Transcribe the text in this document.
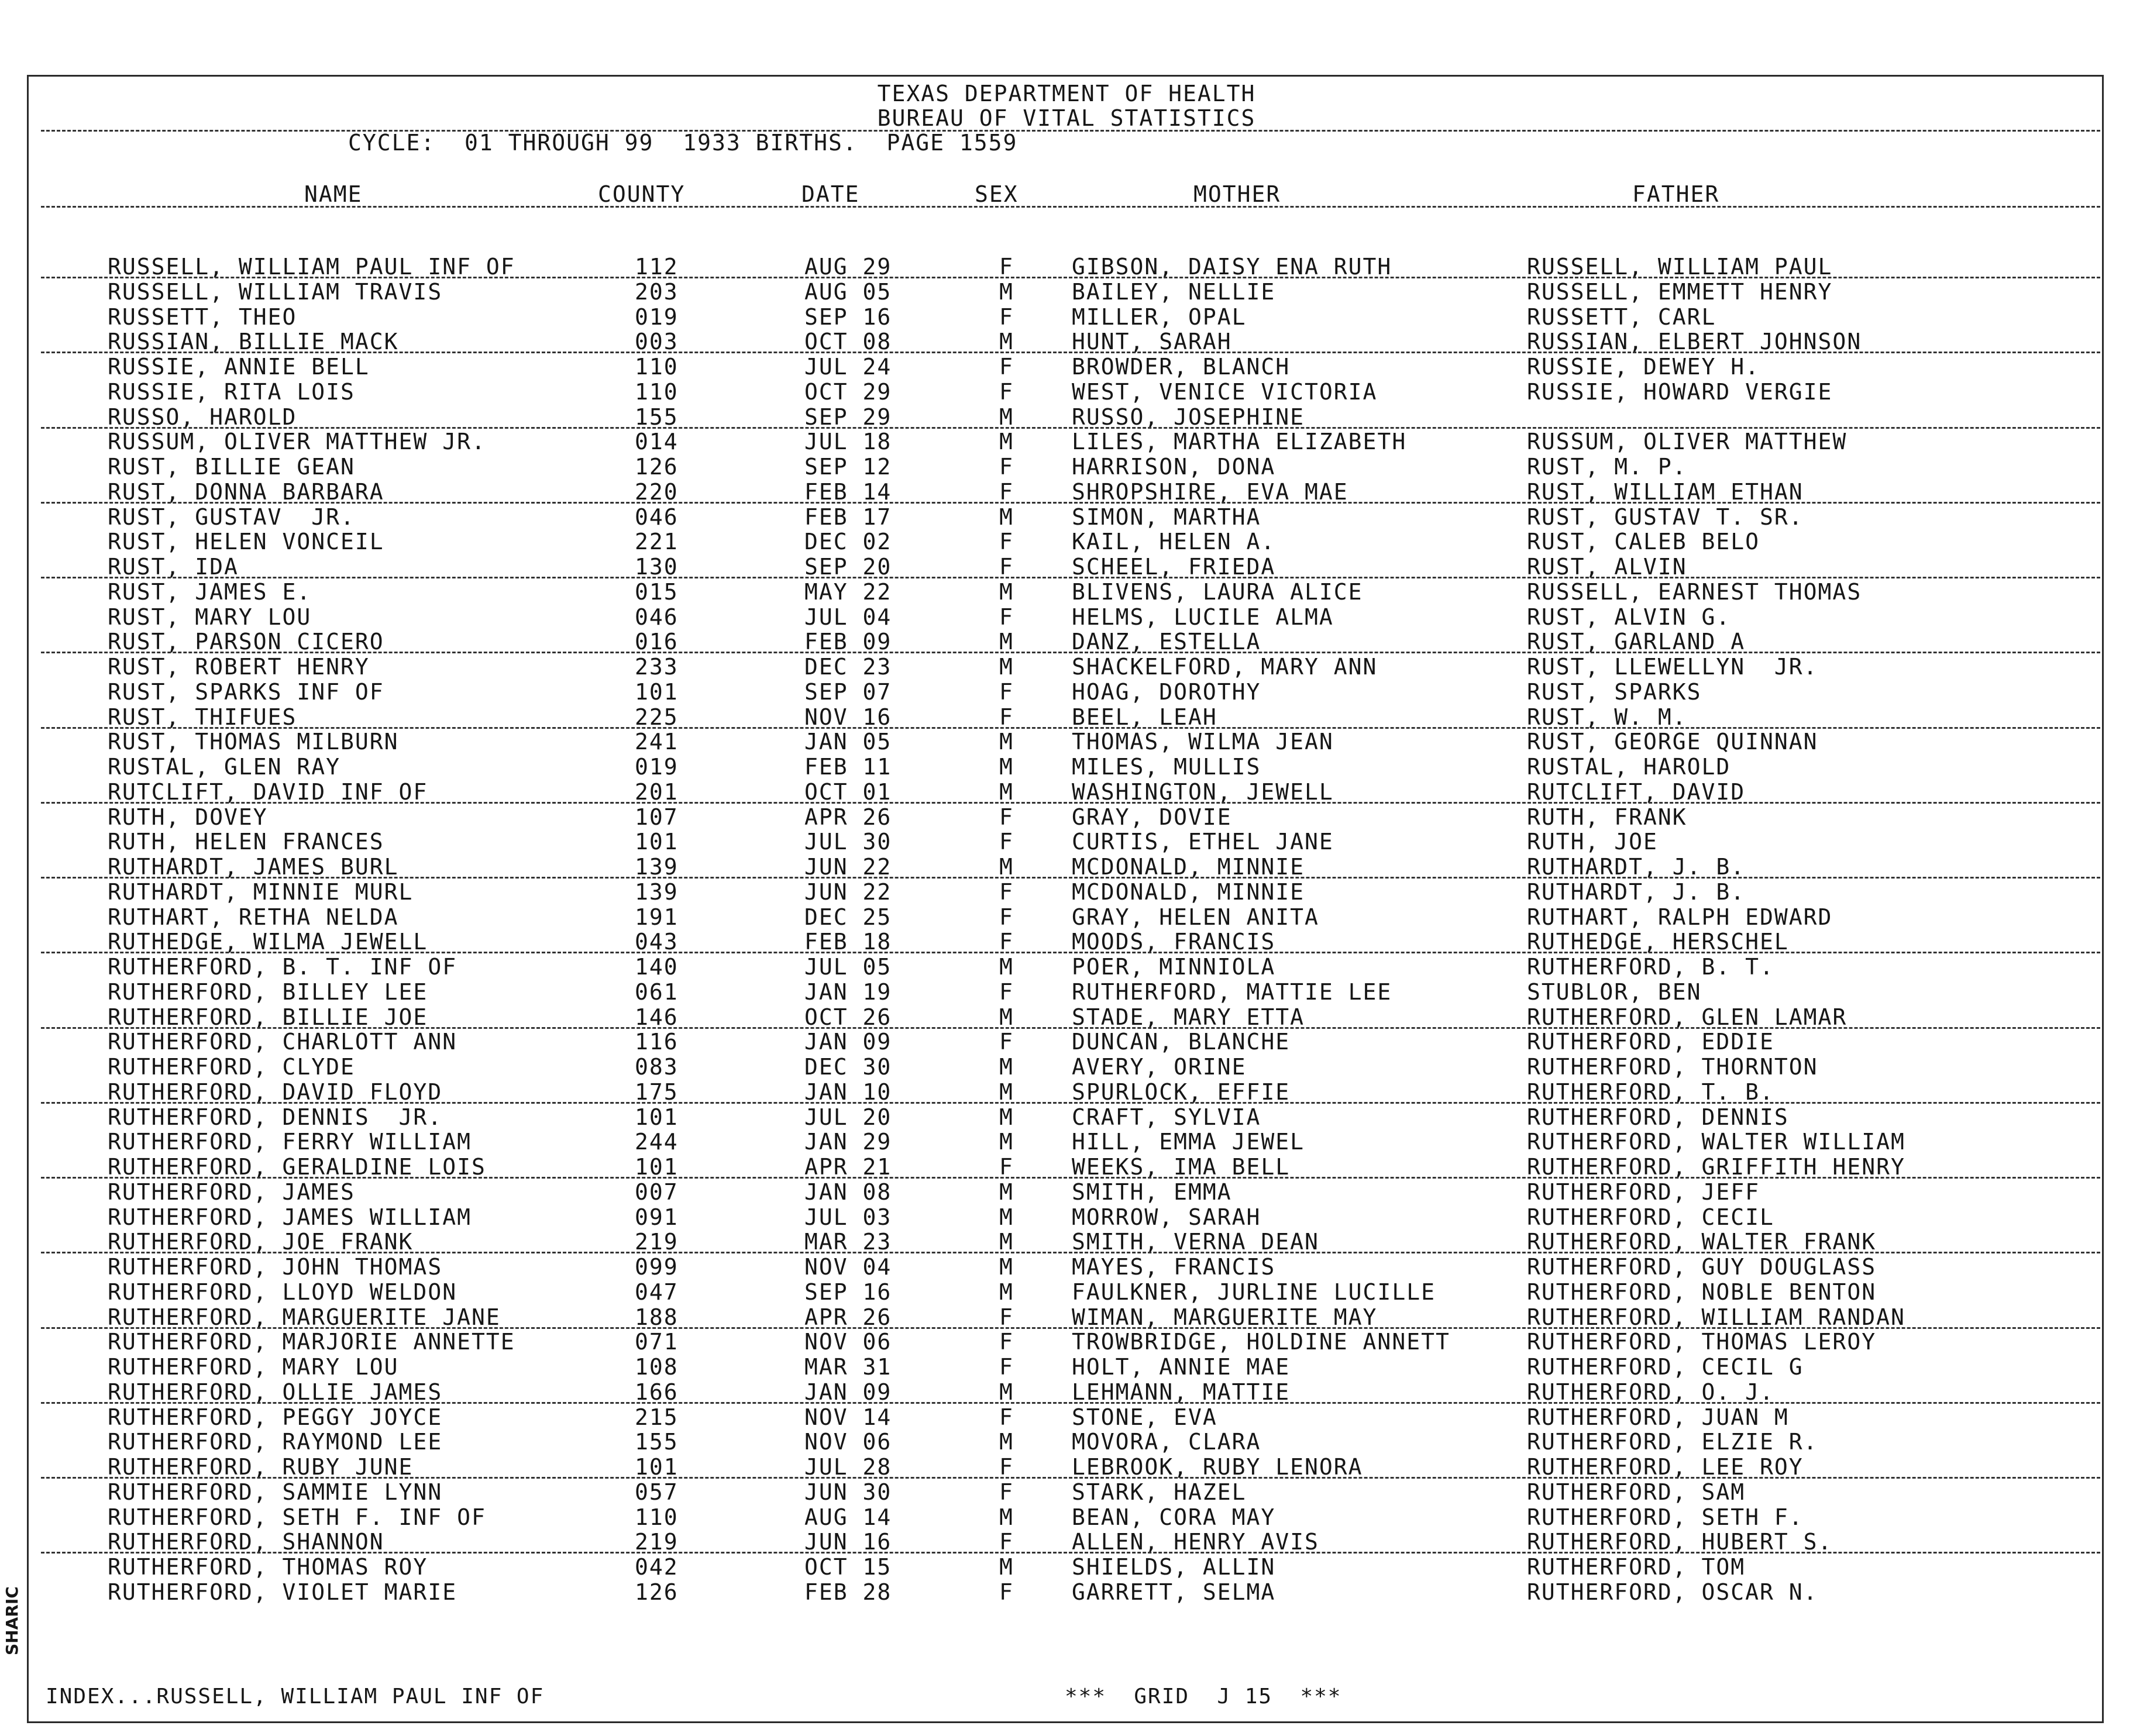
TEXAS DEPARTMENT OF HEALTH
BUREAU OF VITAL STATISTICS
CYCLE:  01 THROUGH 99  1933 BIRTHS.  PAGE 1559
NAME	COUNTY	DATE	SEX	MOTHER	FATHER
RUSSELL, WILLIAM PAUL INF OF	112	AUG 29	F	GIBSON, DAISY ENA RUTH	RUSSELL, WILLIAM PAUL
RUSSELL, WILLIAM TRAVIS	203	AUG 05	M	BAILEY, NELLIE	RUSSELL, EMMETT HENRY
RUSSETT, THEO	019	SEP 16	F	MILLER, OPAL	RUSSETT, CARL
RUSSIAN, BILLIE MACK	003	OCT 08	M	HUNT, SARAH	RUSSIAN, ELBERT JOHNSON
RUSSIE, ANNIE BELL	110	JUL 24	F	BROWDER, BLANCH	RUSSIE, DEWEY H.
RUSSIE, RITA LOIS	110	OCT 29	F	WEST, VENICE VICTORIA	RUSSIE, HOWARD VERGIE
RUSSO, HAROLD	155	SEP 29	M	RUSSO, JOSEPHINE
RUSSUM, OLIVER MATTHEW JR.	014	JUL 18	M	LILES, MARTHA ELIZABETH	RUSSUM, OLIVER MATTHEW
RUST, BILLIE GEAN	126	SEP 12	F	HARRISON, DONA	RUST, M. P.
RUST, DONNA BARBARA	220	FEB 14	F	SHROPSHIRE, EVA MAE	RUST, WILLIAM ETHAN
RUST, GUSTAV  JR.	046	FEB 17	M	SIMON, MARTHA	RUST, GUSTAV T. SR.
RUST, HELEN VONCEIL	221	DEC 02	F	KAIL, HELEN A.	RUST, CALEB BELO
RUST, IDA	130	SEP 20	F	SCHEEL, FRIEDA	RUST, ALVIN
RUST, JAMES E.	015	MAY 22	M	BLIVENS, LAURA ALICE	RUSSELL, EARNEST THOMAS
RUST, MARY LOU	046	JUL 04	F	HELMS, LUCILE ALMA	RUST, ALVIN G.
RUST, PARSON CICERO	016	FEB 09	M	DANZ, ESTELLA	RUST, GARLAND A
RUST, ROBERT HENRY	233	DEC 23	M	SHACKELFORD, MARY ANN	RUST, LLEWELLYN  JR.
RUST, SPARKS INF OF	101	SEP 07	F	HOAG, DOROTHY	RUST, SPARKS
RUST, THIFUES	225	NOV 16	F	BEEL, LEAH	RUST, W. M.
RUST, THOMAS MILBURN	241	JAN 05	M	THOMAS, WILMA JEAN	RUST, GEORGE QUINNAN
RUSTAL, GLEN RAY	019	FEB 11	M	MILES, MULLIS	RUSTAL, HAROLD
RUTCLIFT, DAVID INF OF	201	OCT 01	M	WASHINGTON, JEWELL	RUTCLIFT, DAVID
RUTH, DOVEY	107	APR 26	F	GRAY, DOVIE	RUTH, FRANK
RUTH, HELEN FRANCES	101	JUL 30	F	CURTIS, ETHEL JANE	RUTH, JOE
RUTHARDT, JAMES BURL	139	JUN 22	M	MCDONALD, MINNIE	RUTHARDT, J. B.
RUTHARDT, MINNIE MURL	139	JUN 22	F	MCDONALD, MINNIE	RUTHARDT, J. B.
RUTHART, RETHA NELDA	191	DEC 25	F	GRAY, HELEN ANITA	RUTHART, RALPH EDWARD
RUTHEDGE, WILMA JEWELL	043	FEB 18	F	MOODS, FRANCIS	RUTHEDGE, HERSCHEL
RUTHERFORD, B. T. INF OF	140	JUL 05	M	POER, MINNIOLA	RUTHERFORD, B. T.
RUTHERFORD, BILLEY LEE	061	JAN 19	F	RUTHERFORD, MATTIE LEE	STUBLOR, BEN
RUTHERFORD, BILLIE JOE	146	OCT 26	M	STADE, MARY ETTA	RUTHERFORD, GLEN LAMAR
RUTHERFORD, CHARLOTT ANN	116	JAN 09	F	DUNCAN, BLANCHE	RUTHERFORD, EDDIE
RUTHERFORD, CLYDE	083	DEC 30	M	AVERY, ORINE	RUTHERFORD, THORNTON
RUTHERFORD, DAVID FLOYD	175	JAN 10	M	SPURLOCK, EFFIE	RUTHERFORD, T. B.
RUTHERFORD, DENNIS  JR.	101	JUL 20	M	CRAFT, SYLVIA	RUTHERFORD, DENNIS
RUTHERFORD, FERRY WILLIAM	244	JAN 29	M	HILL, EMMA JEWEL	RUTHERFORD, WALTER WILLIAM
RUTHERFORD, GERALDINE LOIS	101	APR 21	F	WEEKS, IMA BELL	RUTHERFORD, GRIFFITH HENRY
RUTHERFORD, JAMES	007	JAN 08	M	SMITH, EMMA	RUTHERFORD, JEFF
RUTHERFORD, JAMES WILLIAM	091	JUL 03	M	MORROW, SARAH	RUTHERFORD, CECIL
RUTHERFORD, JOE FRANK	219	MAR 23	M	SMITH, VERNA DEAN	RUTHERFORD, WALTER FRANK
RUTHERFORD, JOHN THOMAS	099	NOV 04	M	MAYES, FRANCIS	RUTHERFORD, GUY DOUGLASS
RUTHERFORD, LLOYD WELDON	047	SEP 16	M	FAULKNER, JURLINE LUCILLE	RUTHERFORD, NOBLE BENTON
RUTHERFORD, MARGUERITE JANE	188	APR 26	F	WIMAN, MARGUERITE MAY	RUTHERFORD, WILLIAM RANDAN
RUTHERFORD, MARJORIE ANNETTE	071	NOV 06	F	TROWBRIDGE, HOLDINE ANNETT	RUTHERFORD, THOMAS LEROY
RUTHERFORD, MARY LOU	108	MAR 31	F	HOLT, ANNIE MAE	RUTHERFORD, CECIL G
RUTHERFORD, OLLIE JAMES	166	JAN 09	M	LEHMANN, MATTIE	RUTHERFORD, O. J.
RUTHERFORD, PEGGY JOYCE	215	NOV 14	F	STONE, EVA	RUTHERFORD, JUAN M
RUTHERFORD, RAYMOND LEE	155	NOV 06	M	MOVORA, CLARA	RUTHERFORD, ELZIE R.
RUTHERFORD, RUBY JUNE	101	JUL 28	F	LEBROOK, RUBY LENORA	RUTHERFORD, LEE ROY
RUTHERFORD, SAMMIE LYNN	057	JUN 30	F	STARK, HAZEL	RUTHERFORD, SAM
RUTHERFORD, SETH F. INF OF	110	AUG 14	M	BEAN, CORA MAY	RUTHERFORD, SETH F.
RUTHERFORD, SHANNON	219	JUN 16	F	ALLEN, HENRY AVIS	RUTHERFORD, HUBERT S.
RUTHERFORD, THOMAS ROY	042	OCT 15	M	SHIELDS, ALLIN	RUTHERFORD, TOM
RUTHERFORD, VIOLET MARIE	126	FEB 28	F	GARRETT, SELMA	RUTHERFORD, OSCAR N.
INDEX...RUSSELL, WILLIAM PAUL INF OF	***  GRID  J 15  ***
SHARIC
